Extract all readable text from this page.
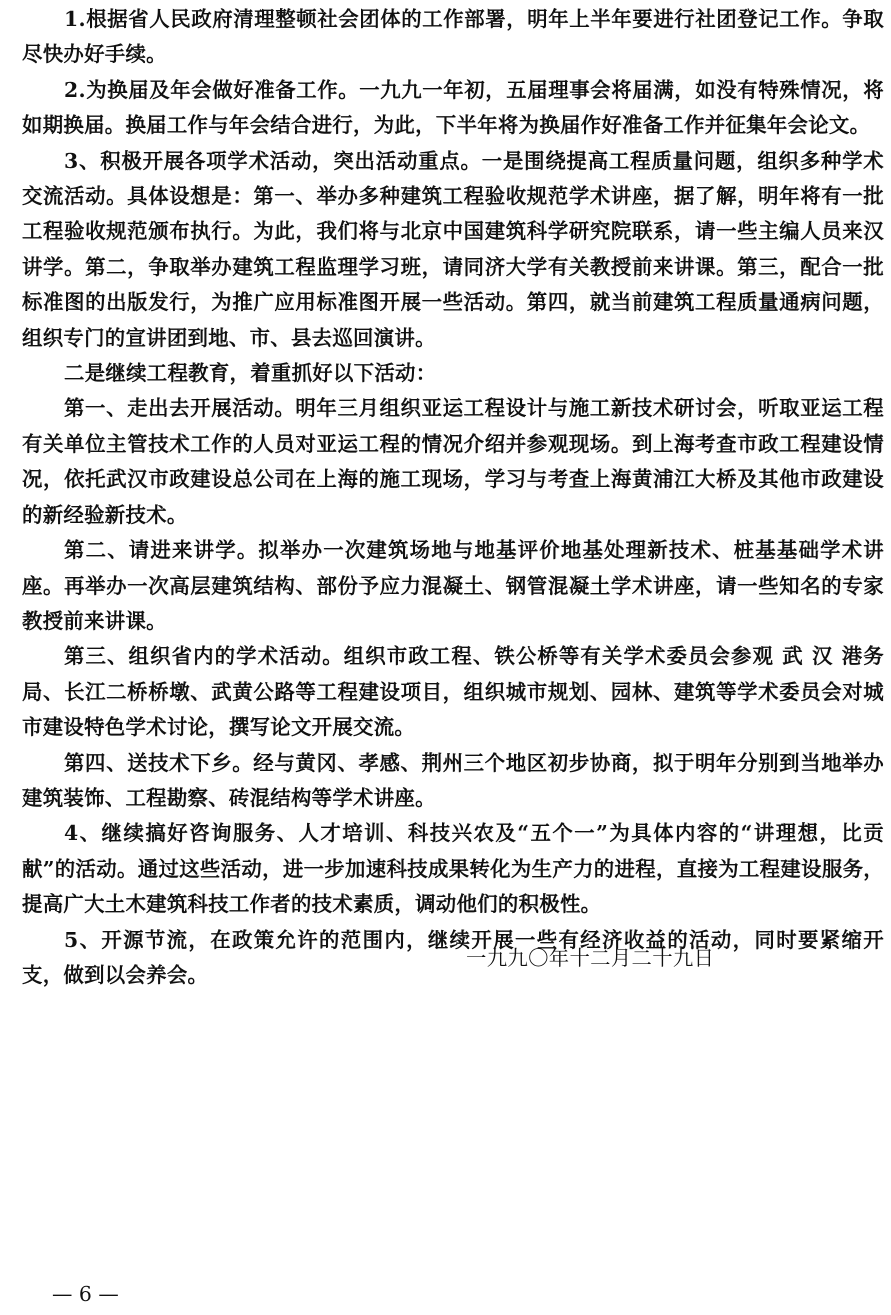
1.根据省人民政府清理整顿社会团体的工作部署，明年上半年要进行社团登记工作。争取尽快办好手续。

2.为换届及年会做好准备工作。一九九一年初，五届理事会将届满，如没有特殊情况，将如期换届。换届工作与年会结合进行，为此，下半年将为换届作好准备工作并征集年会论文。

3、积极开展各项学术活动，突出活动重点。一是围绕提高工程质量问题，组织多种学术交流活动。具体设想是：第一、举办多种建筑工程验收规范学术讲座，据了解，明年将有一批工程验收规范颁布执行。为此，我们将与北京中国建筑科学研究院联系，请一些主编人员来汉讲学。第二，争取举办建筑工程监理学习班，请同济大学有关教授前来讲课。第三，配合一批标准图的出版发行，为推广应用标准图开展一些活动。第四，就当前建筑工程质量通病问题，组织专门的宣讲团到地、市、县去巡回演讲。

二是继续工程教育，着重抓好以下活动：

第一、走出去开展活动。明年三月组织亚运工程设计与施工新技术研讨会，听取亚运工程有关单位主管技术工作的人员对亚运工程的情况介绍并参观现场。到上海考查市政工程建设情况，依托武汉市政建设总公司在上海的施工现场，学习与考查上海黄浦江大桥及其他市政建设的新经验新技术。

第二、请进来讲学。拟举办一次建筑场地与地基评价地基处理新技术、桩基基础学术讲座。再举办一次高层建筑结构、部份予应力混凝土、钢管混凝土学术讲座，请一些知名的专家教授前来讲课。

第三、组织省内的学术活动。组织市政工程、铁公桥等有关学术委员会参观 武 汉 港务局、长江二桥桥墩、武黄公路等工程建设项目，组织城市规划、园林、建筑等学术委员会对城市建设特色学术讨论，撰写论文开展交流。

第四、送技术下乡。经与黄冈、孝感、荆州三个地区初步协商，拟于明年分别到当地举办建筑装饰、工程勘察、砖混结构等学术讲座。

4、继续搞好咨询服务、人才培训、科技兴农及“五个一”为具体内容的“讲理想，比贡献”的活动。通过这些活动，进一步加速科技成果转化为生产力的进程，直接为工程建设服务，提高广大土木建筑科技工作者的技术素质，调动他们的积极性。

5、开源节流，在政策允许的范围内，继续开展一些有经济收益的活动，同时要紧缩开支，做到以会养会。

一九九〇年十二月二十九日
— 6 —
